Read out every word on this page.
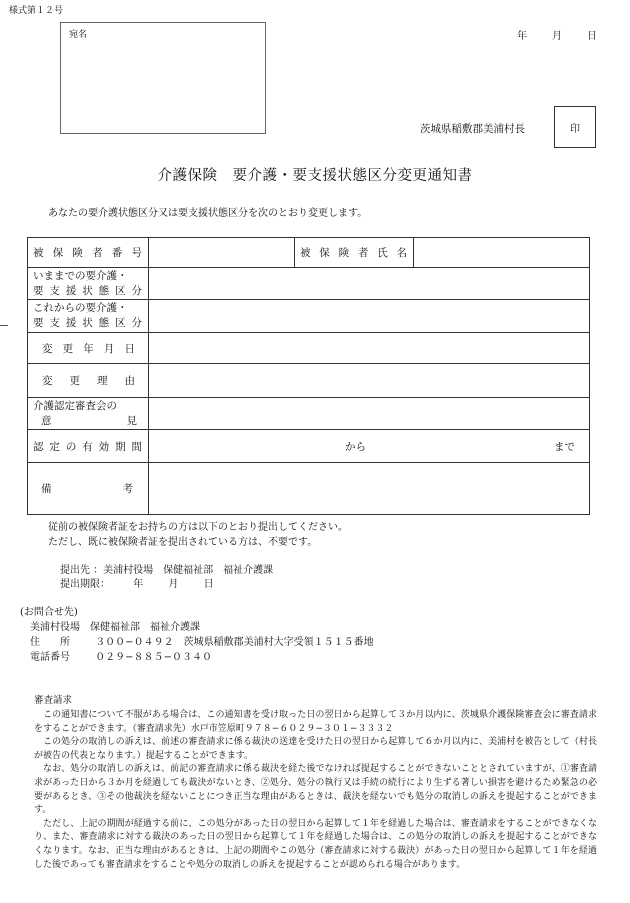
様式第１２号
宛名	年	月	日
茨城県稲敷郡美浦村長	印
介護保険　要介護・要支援状態区分変更通知書
あなたの要介護状態区分又は要支援状態区分を次のとおり変更します。
被保険者番号		被保険者氏名	

いままでの要介護・
要支援状態区分			

これからの要介護・
要支援状態区分			

変更年月日			

変更理由			

介護認定審査会の
意 見			

認定の有効期間	から まで		

備 考			

従前の被保険者証をお持ちの方は以下のとおり提出してください。
ただし、既に被保険者証を提出されている方は、不要です。
提出先 ：美浦村役場　保健福祉部　福祉介護課
提出期限： 年	月	日
(お問合せ先)
美浦村役場　保健福祉部　福祉介護課
住　　所	３００−０４９２　茨城県稲敷郡美浦村大字受領１５１５番地
電話番号	０２９−８８５−０３４０
審査請求

この通知書について不服がある場合は、この通知書を受け取った日の翌日から起算して３か月以内に、茨城県介護保険審査会に審査請求をすることができます。（審査請求先）水戸市笠原町９７８−６０２９−３０１−３３３２

この処分の取消しの訴えは、前述の審査請求に係る裁決の送達を受けた日の翌日から起算して６か月以内に、美浦村を被告として（村長が被告の代表となります。）提起することができます。

なお、処分の取消しの訴えは、前記の審査請求に係る裁決を経た後でなければ提起することができないこととされていますが、①審査請求があった日から３か月を経過しても裁決がないとき、②処分、処分の執行又は手続の続行により生ずる著しい損害を避けるため緊急の必要があるとき、③その他裁決を経ないことにつき正当な理由があるときは、裁決を経ないでも処分の取消しの訴えを提起することができます。

ただし、上記の期間が経過する前に、この処分があった日の翌日から起算して１年を経過した場合は、審査請求をすることができなくなり、また、審査請求に対する裁決のあった日の翌日から起算して１年を経過した場合は、この処分の取消しの訴えを提起することができなくなります。なお、正当な理由があるときは、上記の期間やこの処分（審査請求に対する裁決）があった日の翌日から起算して１年を経過した後であっても審査請求をすることや処分の取消しの訴えを提起することが認められる場合があります。
